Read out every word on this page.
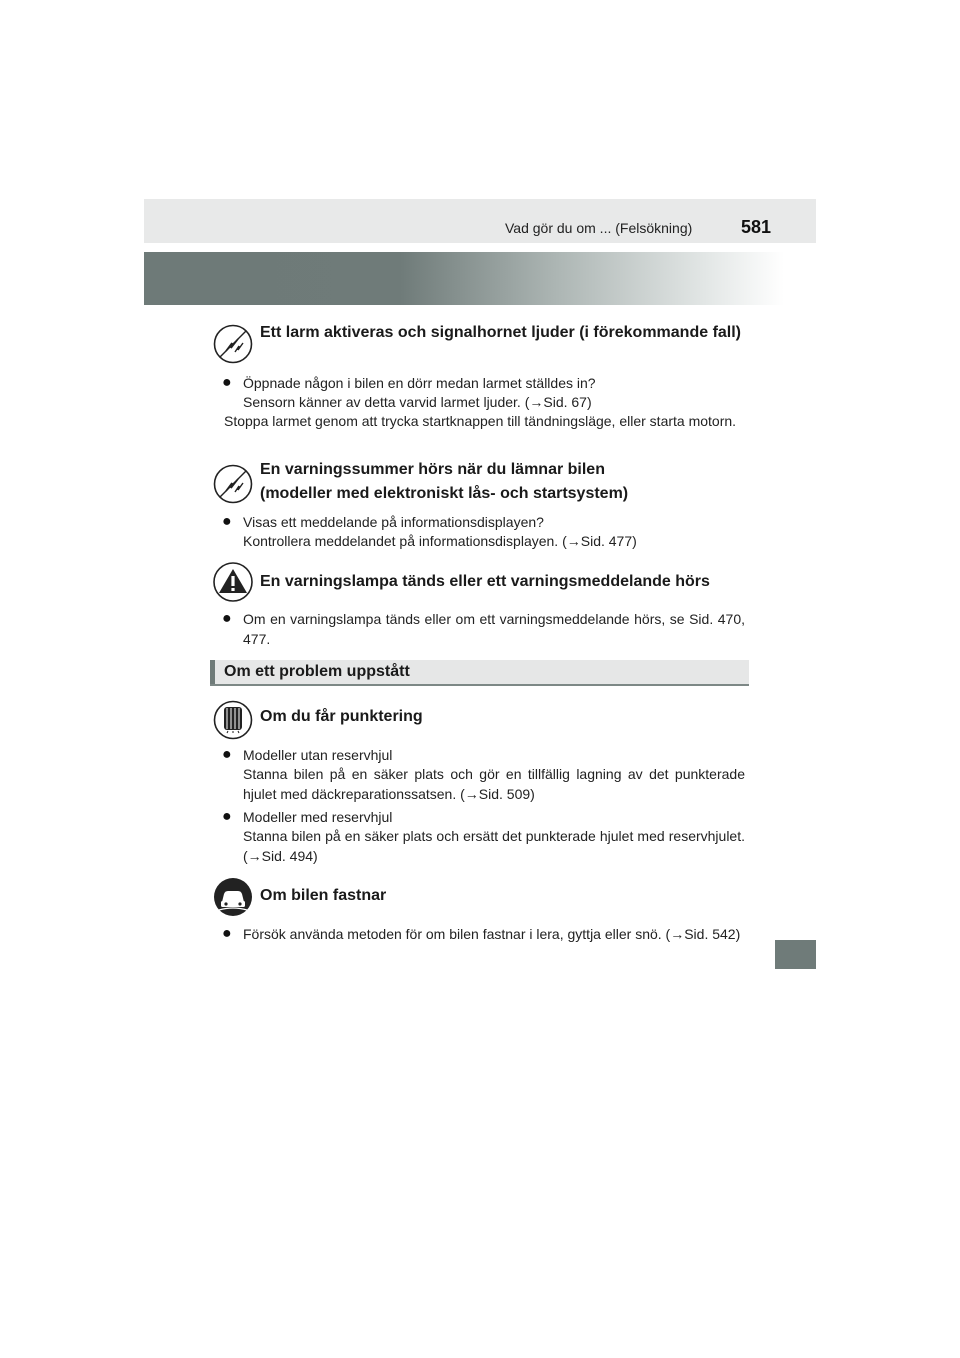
Vad gör du om ... (Felsökning)	581
Ett larm aktiveras och signalhornet ljuder (i förekommande fall)
● Öppnade någon i bilen en dörr medan larmet ställdes in?
Sensorn känner av detta varvid larmet ljuder. (→Sid. 67)
Stoppa larmet genom att trycka startknappen till tändningsläge, eller starta motorn.
En varningssummer hörs när du lämnar bilen
(modeller med elektroniskt lås- och startsystem)
● Visas ett meddelande på informationsdisplayen?
Kontrollera meddelandet på informationsdisplayen. (→Sid. 477)
En varningslampa tänds eller ett varningsmeddelande hörs
● Om en varningslampa tänds eller om ett varningsmeddelande hörs, se Sid. 470, 477.
Om ett problem uppstått
Om du får punktering
● Modeller utan reservhjul
Stanna bilen på en säker plats och gör en tillfällig lagning av det punkterade hjulet med däckreparationssatsen. (→Sid. 509)
● Modeller med reservhjul
Stanna bilen på en säker plats och ersätt det punkterade hjulet med reservhjulet. (→Sid. 494)
Om bilen fastnar
● Försök använda metoden för om bilen fastnar i lera, gyttja eller snö. (→Sid. 542)
